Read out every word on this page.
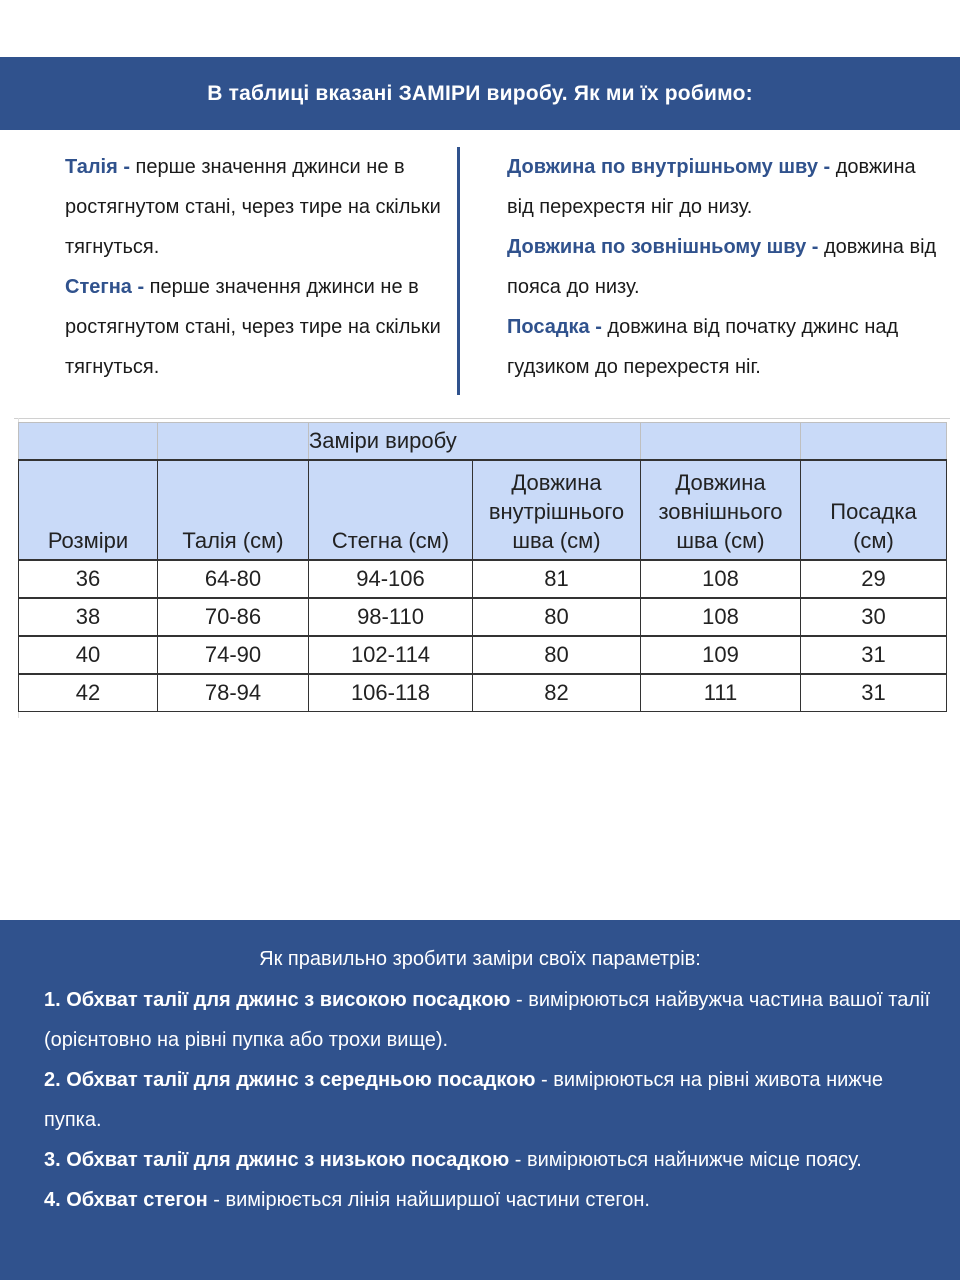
В таблиці вказані ЗАМІРИ виробу. Як ми їх робимо:
Талія - перше значення джинси не в ростягнутом стані, через тире на скільки тягнуться.
Стегна - перше значення джинси не в ростягнутом стані, через тире на скільки тягнуться.
Довжина по внутрішньому шву - довжина від перехрестя ніг до низу.
Довжина по зовнішньому шву - довжина від пояса до низу.
Посадка - довжина від початку джинс над гудзиком до перехрестя ніг.

		Заміри виробу			

Розміри	Талія (см)	Стегна (см)	Довжина внутрішнього шва (см)	Довжина зовнішнього шва (см)	Посадка (см)

36	64-80	94-106	81	108	29
38	70-86	98-110	80	108	30
40	74-90	102-114	80	109	31
42	78-94	106-118	82	111	31
Як правильно зробити заміри своїх параметрів:
1. Обхват талії для джинс з високою посадкою - вимірюються найвужча частина вашої талії (орієнтовно на рівні пупка або трохи вище).
2. Обхват талії для джинс з середньою посадкою - вимірюються на рівні живота нижче пупка.
3. Обхват талії для джинс з низькою посадкою - вимірюються найнижче місце поясу.
4. Обхват стегон - вимірюється лінія найширшої частини стегон.
